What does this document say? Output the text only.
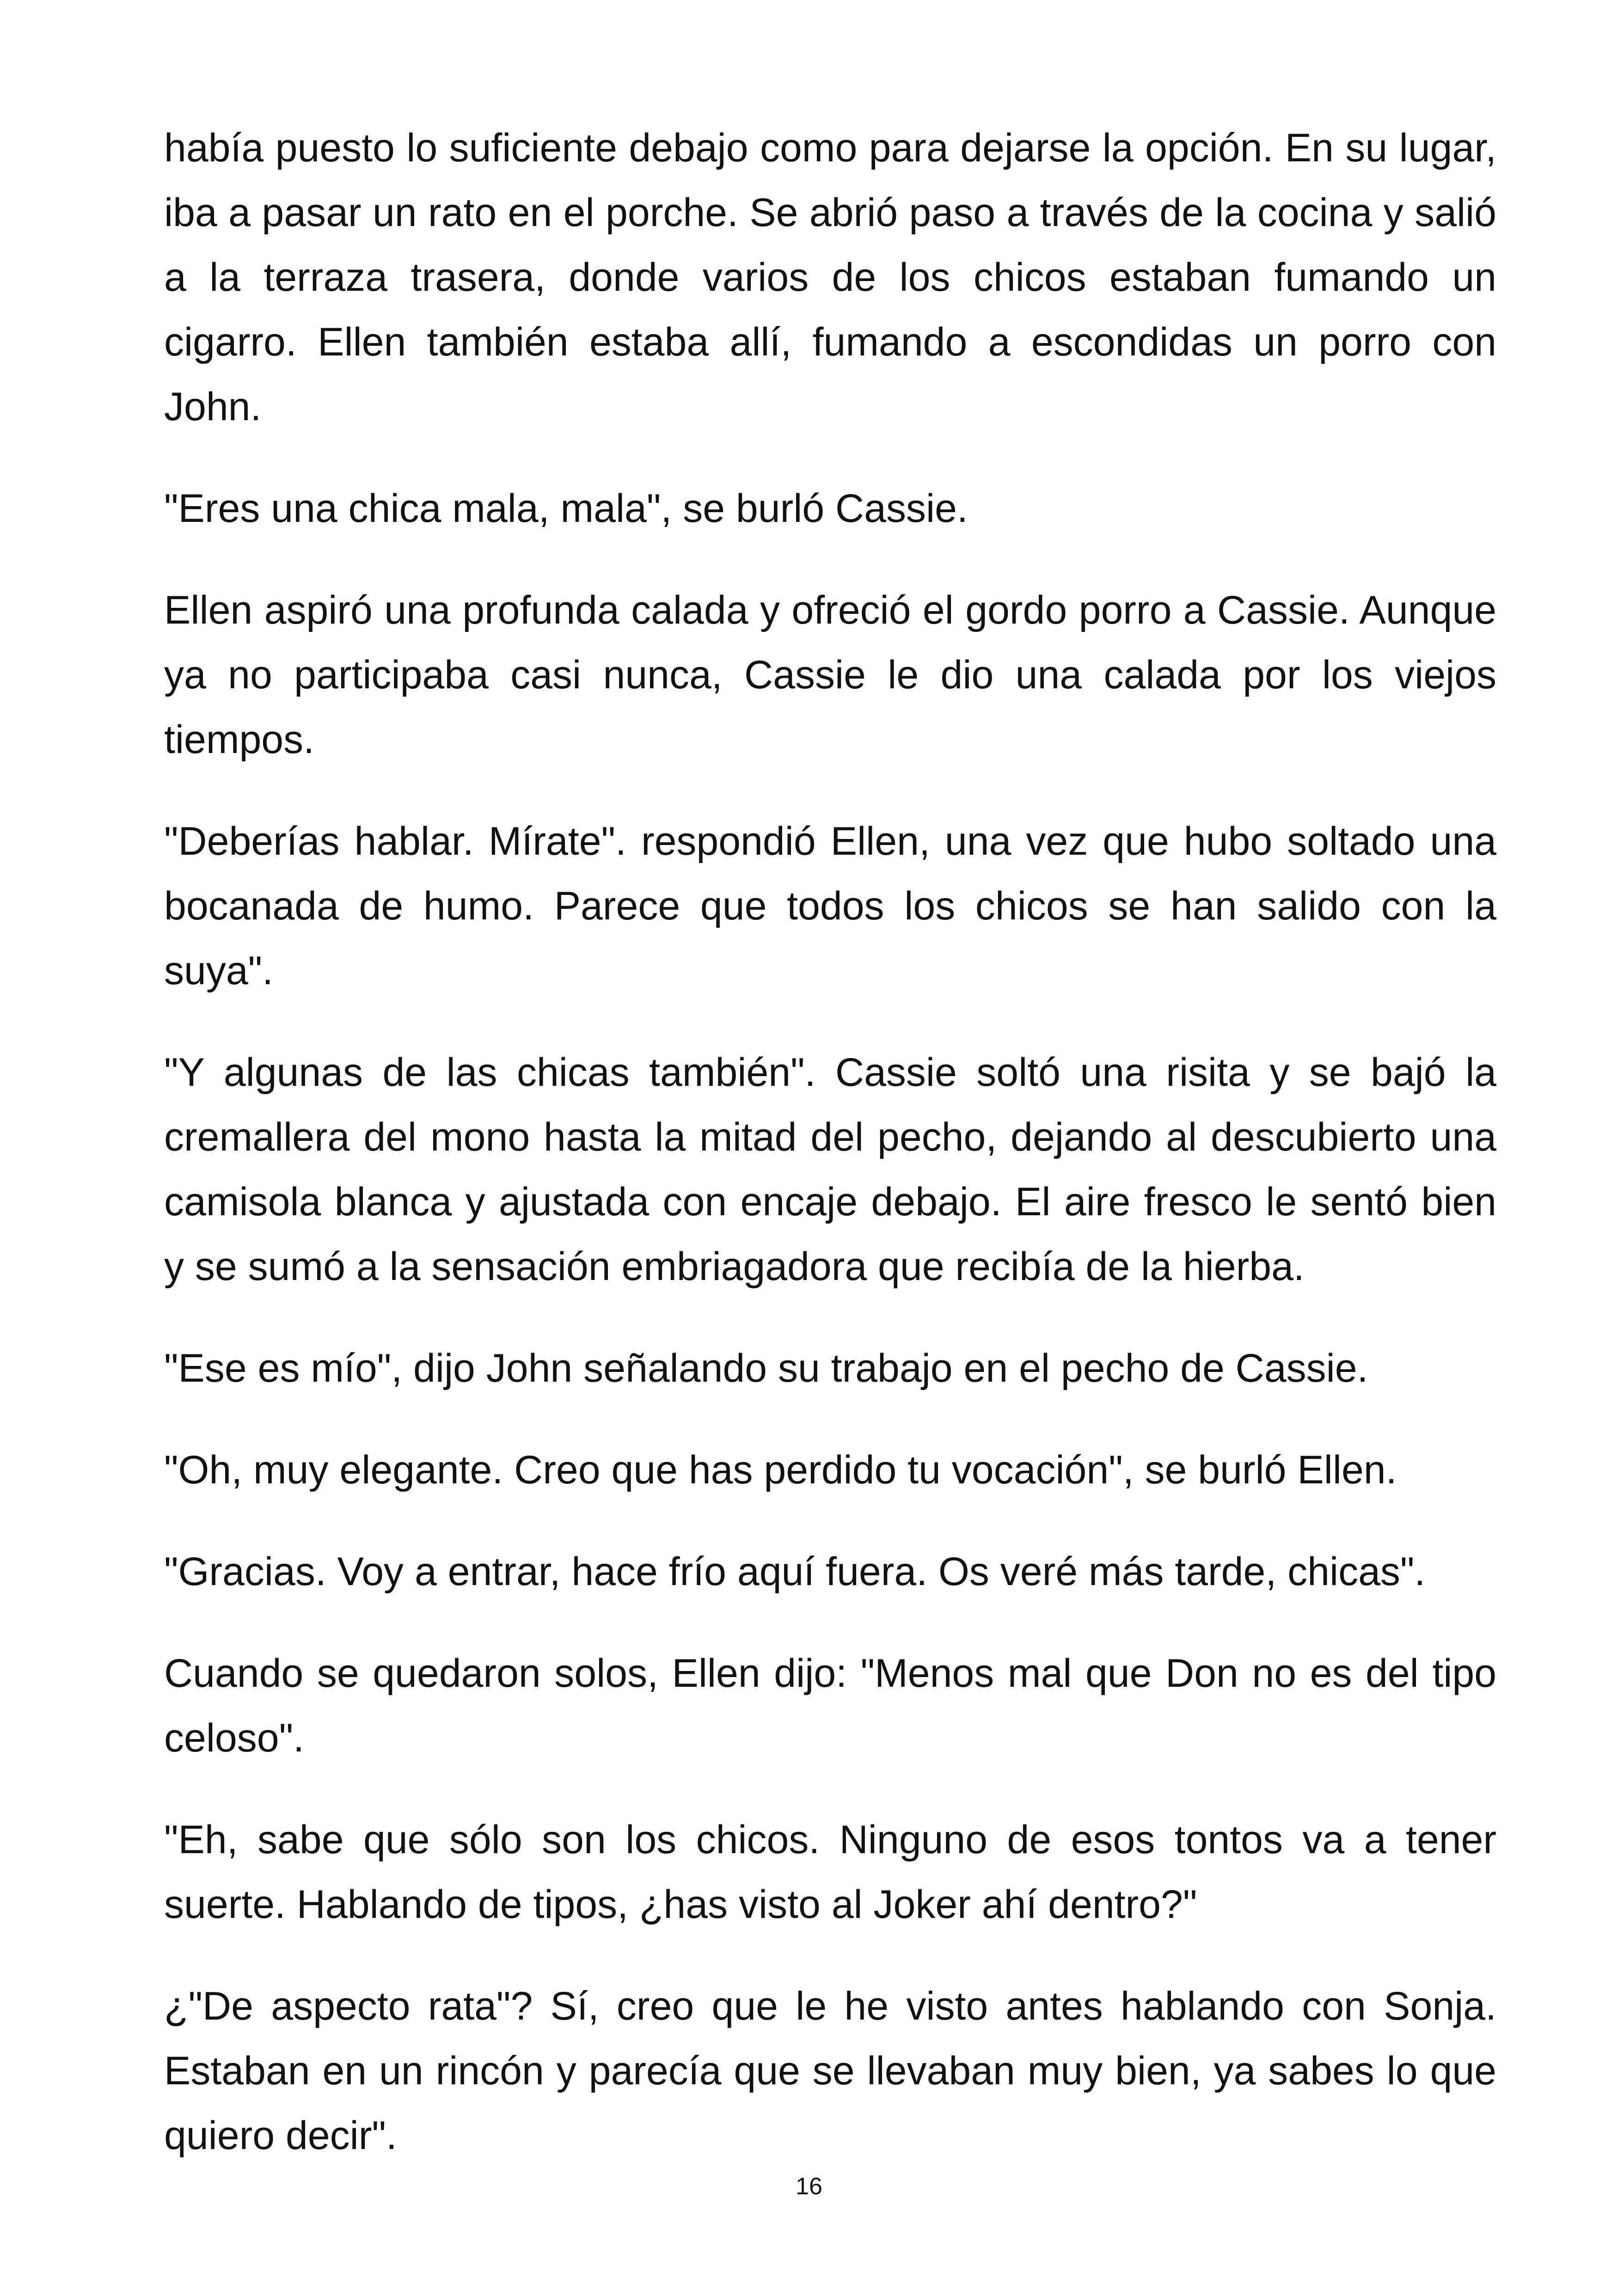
había puesto lo suficiente debajo como para dejarse la opción. En su lugar, iba a pasar un rato en el porche. Se abrió paso a través de la cocina y salió a la terraza trasera, donde varios de los chicos estaban fumando un cigarro. Ellen también estaba allí, fumando a escondidas un porro con John.

"Eres una chica mala, mala", se burló Cassie.

Ellen aspiró una profunda calada y ofreció el gordo porro a Cassie. Aunque ya no participaba casi nunca, Cassie le dio una calada por los viejos tiempos.

"Deberías hablar. Mírate". respondió Ellen, una vez que hubo soltado una bocanada de humo. Parece que todos los chicos se han salido con la suya".

"Y algunas de las chicas también". Cassie soltó una risita y se bajó la cremallera del mono hasta la mitad del pecho, dejando al descubierto una camisola blanca y ajustada con encaje debajo. El aire fresco le sentó bien y se sumó a la sensación embriagadora que recibía de la hierba.

"Ese es mío", dijo John señalando su trabajo en el pecho de Cassie.

"Oh, muy elegante. Creo que has perdido tu vocación", se burló Ellen.

"Gracias. Voy a entrar, hace frío aquí fuera. Os veré más tarde, chicas".

Cuando se quedaron solos, Ellen dijo: "Menos mal que Don no es del tipo celoso".

"Eh, sabe que sólo son los chicos. Ninguno de esos tontos va a tener suerte. Hablando de tipos, ¿has visto al Joker ahí dentro?"

¿"De aspecto rata"? Sí, creo que le he visto antes hablando con Sonja. Estaban en un rincón y parecía que se llevaban muy bien, ya sabes lo que quiero decir".

16
